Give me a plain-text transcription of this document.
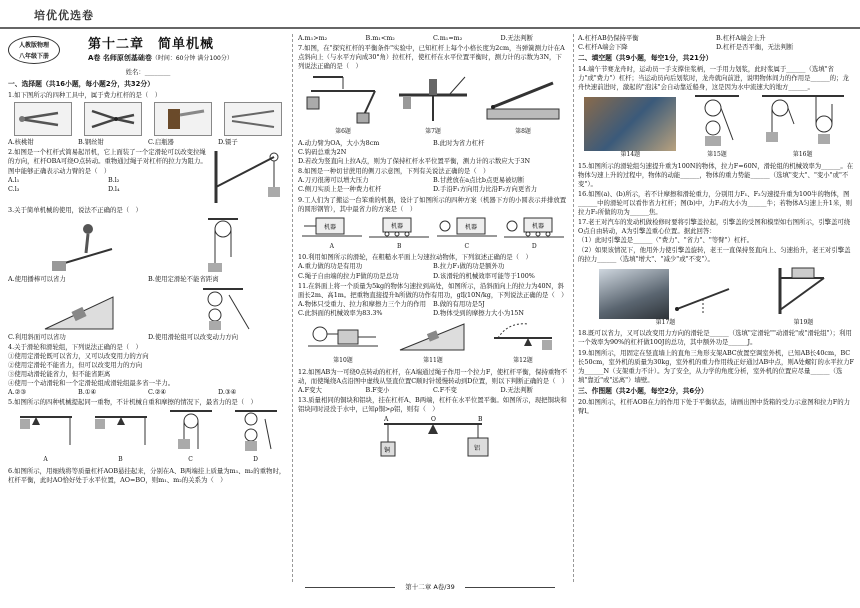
培优优选卷
人教版物理
八年级下册
第十二章　简单机械
A卷 名师原创基础卷（时间：60分钟 满分100分）
姓名：________
一、选择题（共16小题，每小题2分，共32分）
1.如下图所示的四种工具中，属于费力杠杆的是（　）
A.核桃钳	B.钢丝钳	C.启瓶器	D.镊子
2.如图是一个杠杆式简易起吊机，它上面装了一个定滑轮可以改变拉绳的方向，杠杆OBA可绕O点转动。重物通过绳子对杠杆的拉力为阻力。图中能够正确表示动力臂的是（　）
A.l₁	B.l₂
C.l₃	D.l₄
3.关于简单机械的使用，说法不正确的是（　）
A.使用播棒可以省力	B.使用定滑轮不能省距离
C.利用斜面可以省功	D.使用滑轮组可以改变动力方向
4.关于滑轮和滑轮组，下列说法正确的是（　）
①使用定滑轮既可以省力，又可以改变用力的方向
②使用定滑轮不能省力，但可以改变用力的方向
③使用动滑轮能省力，但不能省距离
④使用一个动滑轮和一个定滑轮组成滑轮组最多省一半力。
A.②③	B.①④	C.②④	D.③④
5.如图所示的四种机械提起同一重物，不计机械自重和摩擦的情况下，最省力的是（　）
A	B	C	D
6.如图所示，用细线将等质量杠杆AOB悬挂起来，分别在A、B两端挂上质量为m₁、m₂的重物时，杠杆平衡，此时AO恰好处于水平位置，AO=BO，则m₁、m₂的关系为（　）
A.m₁>m₂	B.m₁<m₂	C.m₁=m₂	D.无法判断
7.如图，在"探究杠杆的平衡条件"实验中，已知杠杆上每个小格长度为2cm，当弹簧测力计在A点斜向上（与水平方向成30°角）拉杠杆，使杠杆在水平位置平衡时，测力计的示数为3N，下列说法正确的是（　）
第6题	第7题	第8题
A.动力臂为OA，大小为8cm	B.此时为省力杠杆
C.钩码总重为2N
D.若改为竖直向上拉A点，则为了保持杠杆水平位置平衡，测力计的示数应大于3N
8.如图是一种切甘蔗用的侧刀示意图，下列有关说法正确的是（　）
A.刀刃很薄可以增大压力	B.甘蔗放在a点比b点更易被切断
C.侧刀实质上是一种费力杠杆	D.手沿F₁方向用力比沿F₂方向更省力
9.工人们为了搬运一台笨重的机器，设计了如图所示的四种方案（机器下方的小圆表示并排放置的圆形钢管），其中最省力的方案是（　）
机器
A
机器
B
机器
C
机器
D
10.利用如图所示的滑轮，在粗糙水平面上匀速拉动物体，下列叙述正确的是（　）
A.重力做的功是有用功	B.拉力F₁做的功是额外功
C.绳子自由端的拉力F做的功是总功	D.该滑轮的机械效率可能等于100%
11.在斜面上将一个质量为5kg的物体匀速拉到高处，如图所示，沿斜面向上的拉力为40N，斜面长2m、高1m。把重物直接提升h所做的功作有用功，g取10N/kg，下列说法正确的是（　）
A.物体只受重力、拉力和摩擦力三个力的作用	B.做的有用功是5J
C.此斜面的机械效率为83.3%	D.物体受到的摩擦力大小为15N
第10题	第11题	第12题
12.如图AB为一可绕0点转动的杠杆，在A端通过绳子作用一个拉力F，使杠杆平衡，保持重物不动，而使绳绕A点沿图中虚线从竖直位置C顺时针缓慢转动到D位置，则以下判断正确的是（　）
A.F变大	B.F变小	C.F不变	D.无法判断
13.质量相同的铜块和铝块，挂在杠杆A、B两端，杠杆在水平位置平衡。如图所示，现把铜块和铝块同时浸没于水中，已知ρ铜>ρ铝，则有（　）
A	O	B
铜	铝
A.杠杆AB仍保持平衡	B.杠杆A端会上升
C.杠杆A端会下降	D.杠杆是否平衡，无法判断
二、填空题（共9小题，每空1分，共21分）
14.端午节赛龙舟时，运动员一手支撑住浆柄，一手用力划浆，此时浆属于______（选填"省力"或"费力"）杠杆；当运动员向后划浆时，龙舟就向前进，说明物体间力的作用是______的；龙舟快速前进时，激起的"泡沫"会自动靠近船身，这是因为水中流速大的地方______。
第14题	第15题	第16题
15.如图所示的滑轮组匀速提升重为100N的物体，拉力F=60N，滑轮组的机械效率为______。在物体匀速上升的过程中，物体的动能______，物体的重力势能______（选填"变大"、"变小"或"不变"）。
16.如图(a)、(b)所示，若不计摩擦和滑轮重力，分别用力F₁、F₂匀速提升重为100牛的物体，图______中的滑轮可以看作省力杠杆；图(b)中，力F₂的大小为______牛；若物体A匀速上升1米，则拉力F₂所做的功为______焦。
17.老王对汽车的发动机做检修时要将引擎盖拉起，引擎盖的受图和模型如右图所示，引擎盖可绕O点自由转动，A为引擎盖重心位置。据此回答：
（1）此时引擎盖是______（"费力"、"省力"、"等臂"）杠杆。
（2）如果该情况下，他用外力使引擎盖旋转，老王一直保持竖直向上、匀速抬升，老王对引擎盖的拉力______（选填"增大"、"减少"或"不变"）。
第17题	第19题
18.既可以省力，又可以改变用力方向的滑轮是______（选填"定滑轮""动滑轮"或"滑轮组"）；利用一个效率为90%的杠杆做100J的总功，其中额外功是______J。
19.如图所示，用固定在竖直墙上的直角三角形支架ABC放置空调室外机，已知AB长40cm，BC长50cm，室外机的质量为30kg，室外机的重力作用线正好通过AB中点，则A处螺钉的水平拉力F为______N（支架重力不计）。为了安全，从力学的角度分析，室外机的位置应尽量______（选填"靠近"或"远离"）墙壁。
三、作图题（共2小题，每空2分，共6分）
20.如图所示，杠杆AOB在力的作用下处于平衡状态，请画出图中货箱的受力示意图和拉力F的力臂l。
第十二章 A卷/39
